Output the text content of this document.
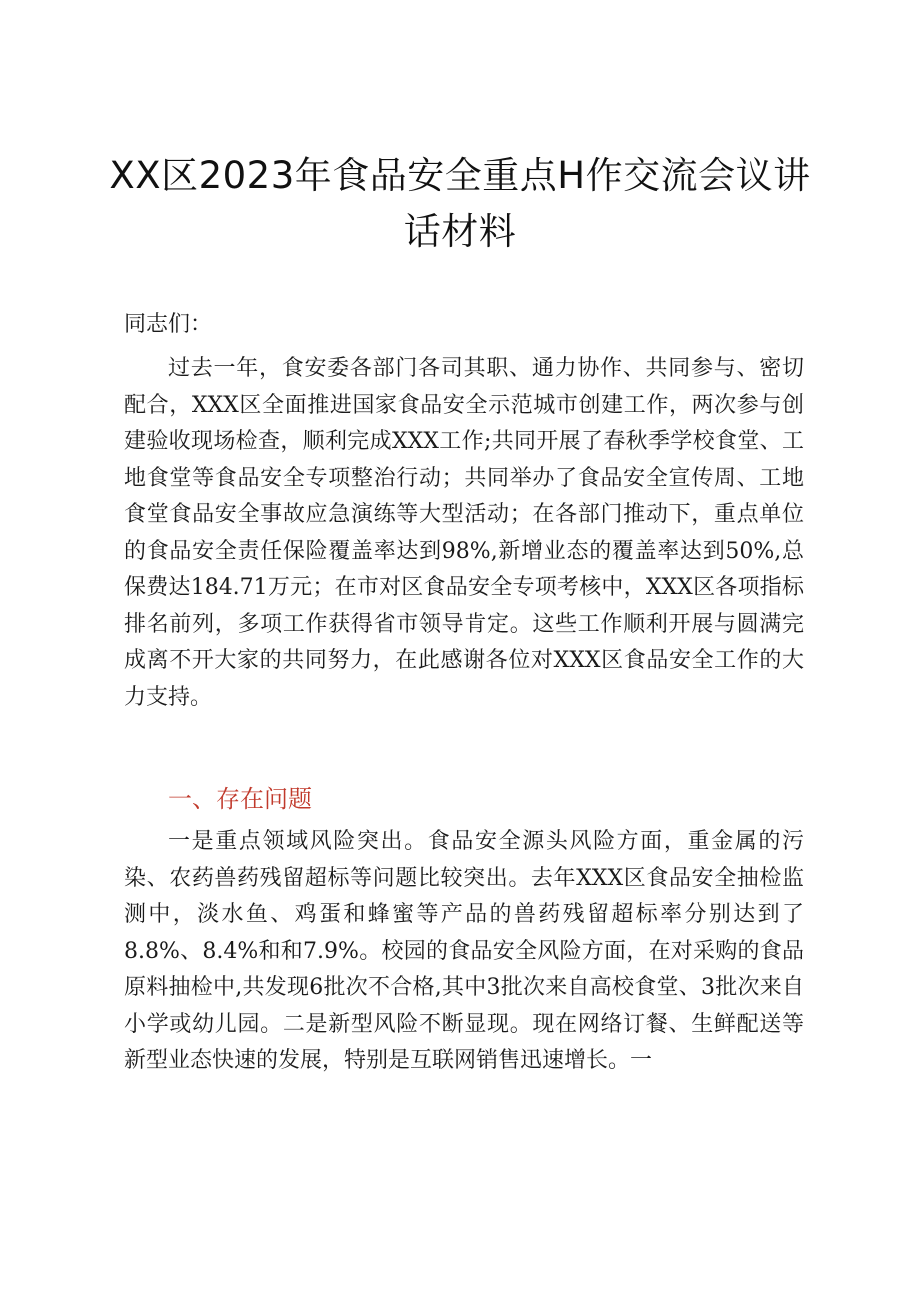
XX区2023年食品安全重点H作交流会议讲话材料
同志们：
过去一年，食安委各部门各司其职、通力协作、共同参与、密切配合，XXX区全面推进国家食品安全示范城市创建工作，两次参与创建验收现场检查，顺利完成XXX工作;共同开展了春秋季学校食堂、工地食堂等食品安全专项整治行动；共同举办了食品安全宣传周、工地食堂食品安全事故应急演练等大型活动；在各部门推动下，重点单位的食品安全责任保险覆盖率达到98%,新增业态的覆盖率达到50%,总保费达184.71万元；在市对区食品安全专项考核中，XXX区各项指标排名前列，多项工作获得省市领导肯定。这些工作顺利开展与圆满完成离不开大家的共同努力，在此感谢各位对XXX区食品安全工作的大力支持。
一、存在问题
一是重点领域风险突出。食品安全源头风险方面，重金属的污染、农药兽药残留超标等问题比较突出。去年XXX区食品安全抽检监测中，淡水鱼、鸡蛋和蜂蜜等产品的兽药残留超标率分别达到了8.8%、8.4%和和7.9%。校园的食品安全风险方面，在对采购的食品原料抽检中,共发现6批次不合格,其中3批次来自高校食堂、3批次来自小学或幼儿园。二是新型风险不断显现。现在网络订餐、生鲜配送等新型业态快速的发展，特别是互联网销售迅速增长。一
